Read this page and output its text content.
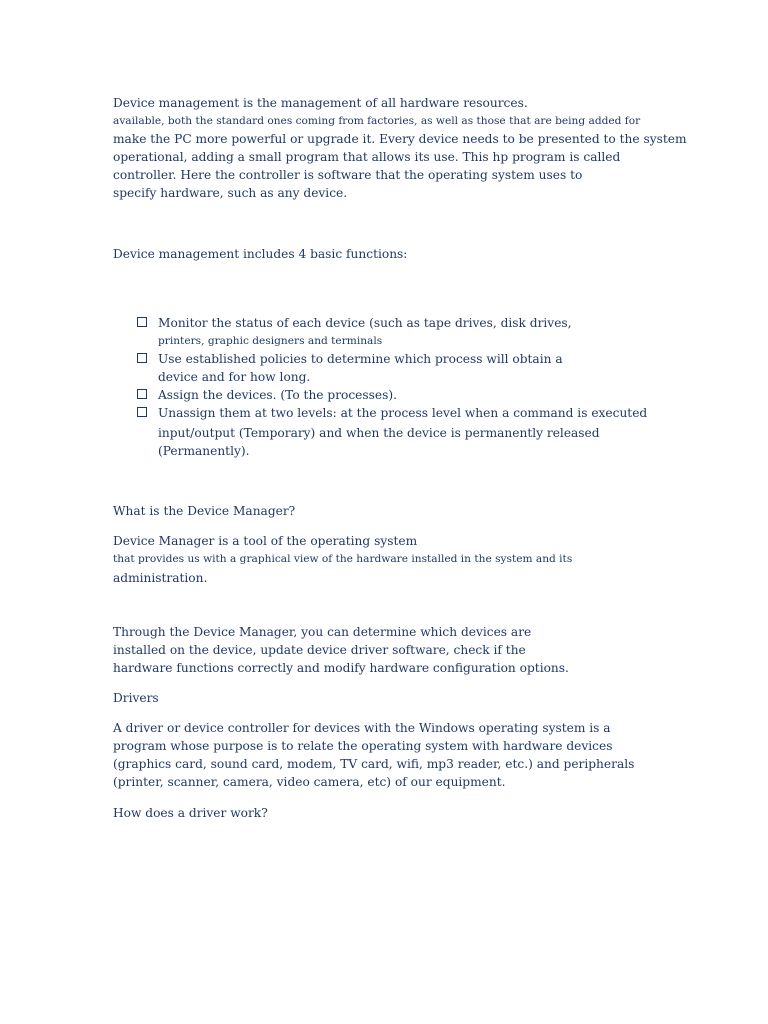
Device management is the management of all hardware resources.
available, both the standard ones coming from factories, as well as those that are being added for
make the PC more powerful or upgrade it. Every device needs to be presented to the system
operational, adding a small program that allows its use. This hp program is called
controller. Here the controller is software that the operating system uses to
specify hardware, such as any device.
Device management includes 4 basic functions:
Monitor the status of each device (such as tape drives, disk drives,
printers, graphic designers and terminals
Use established policies to determine which process will obtain a
device and for how long.
Assign the devices. (To the processes).
Unassign them at two levels: at the process level when a command is executed
input/output (Temporary) and when the device is permanently released
(Permanently).
What is the Device Manager?
Device Manager is a tool of the operating system
that provides us with a graphical view of the hardware installed in the system and its
administration.
Through the Device Manager, you can determine which devices are
installed on the device, update device driver software, check if the
hardware functions correctly and modify hardware configuration options.
Drivers
A driver or device controller for devices with the Windows operating system is a
program whose purpose is to relate the operating system with hardware devices
(graphics card, sound card, modem, TV card, wifi, mp3 reader, etc.) and peripherals
(printer, scanner, camera, video camera, etc) of our equipment.
How does a driver work?
